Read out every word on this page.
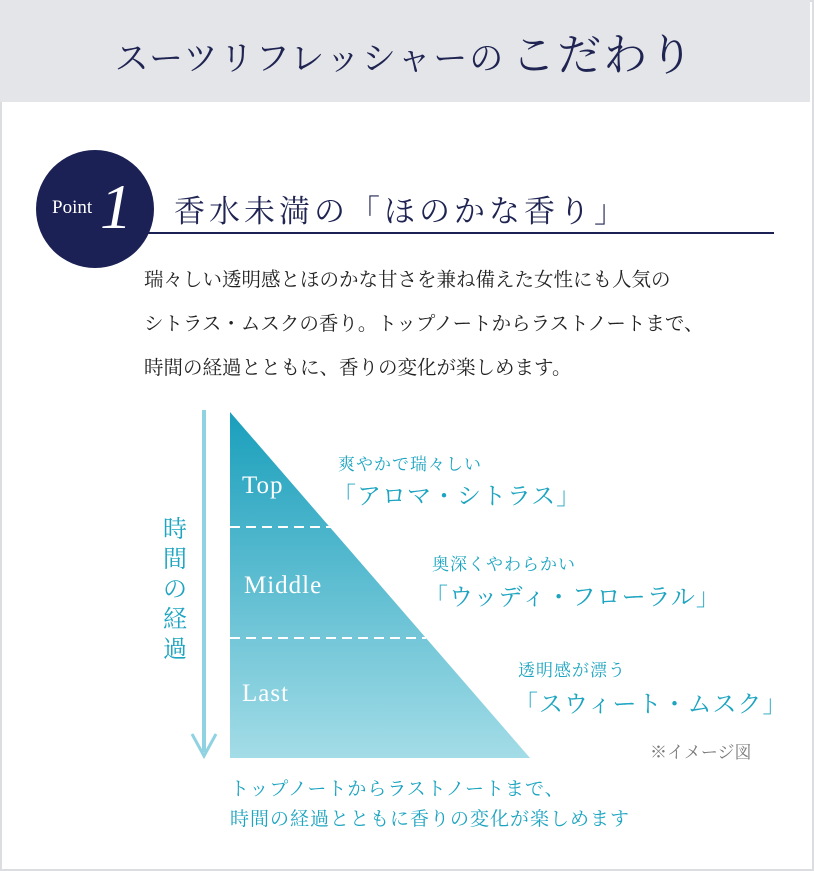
スーツリフレッシャーの こだわり
Point 1 香水未満の「ほのかな香り」

瑞々しい透明感とほのかな甘さを兼ね備えた女性にも人気の

シトラス・ムスクの香り。トップノートからラストノートまで、

時間の経過とともに、香りの変化が楽しめます。

時
間
の
経
過
Top
Middle
Last
爽やかで瑞々しい
「アロマ・シトラス」
奥深くやわらかい
「ウッディ・フローラル」
透明感が漂う
「スウィート・ムスク」
※イメージ図

トップノートからラストノートまで、

時間の経過とともに香りの変化が楽しめます
